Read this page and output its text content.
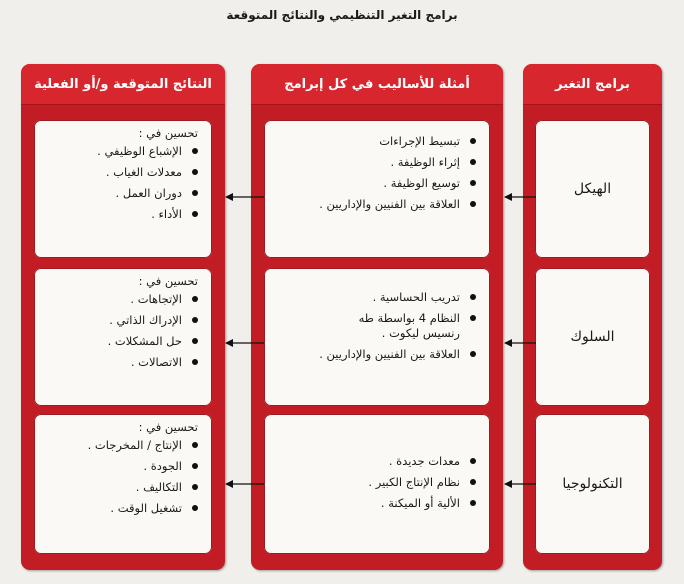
برامج التغير التنظيمي والنتائج المتوقعة
النتائج المتوقعة و/أو الفعلية
تحسين في :
الإشباع الوظيفي .
معدلات الغياب .
دوران العمل .
الأداء .
تحسين في :
الإتجاهات .
الإدراك الذاتي .
حل المشكلات .
الاتصالات .
تحسين في :
الإنتاج / المخرجات .
الجودة .
التكاليف .
تشغيل الوقت .
أمثلة للأساليب في كل إبرامج
تبسيط الإجراءات
إثراء الوظيفة .
توسيع الوظيفة .
العلاقة بين الفنيين والإداريين .
تدريب الحساسية .
النظام 4 بواسطة طه رنسيس ليكوت .
العلاقة بين الفنيين والإداريين .
معدات جديدة .
نظام الإنتاج الكبير .
الألية أو الميكنة .
برامج التغير
الهيكل
السلوك
التكنولوجيا
